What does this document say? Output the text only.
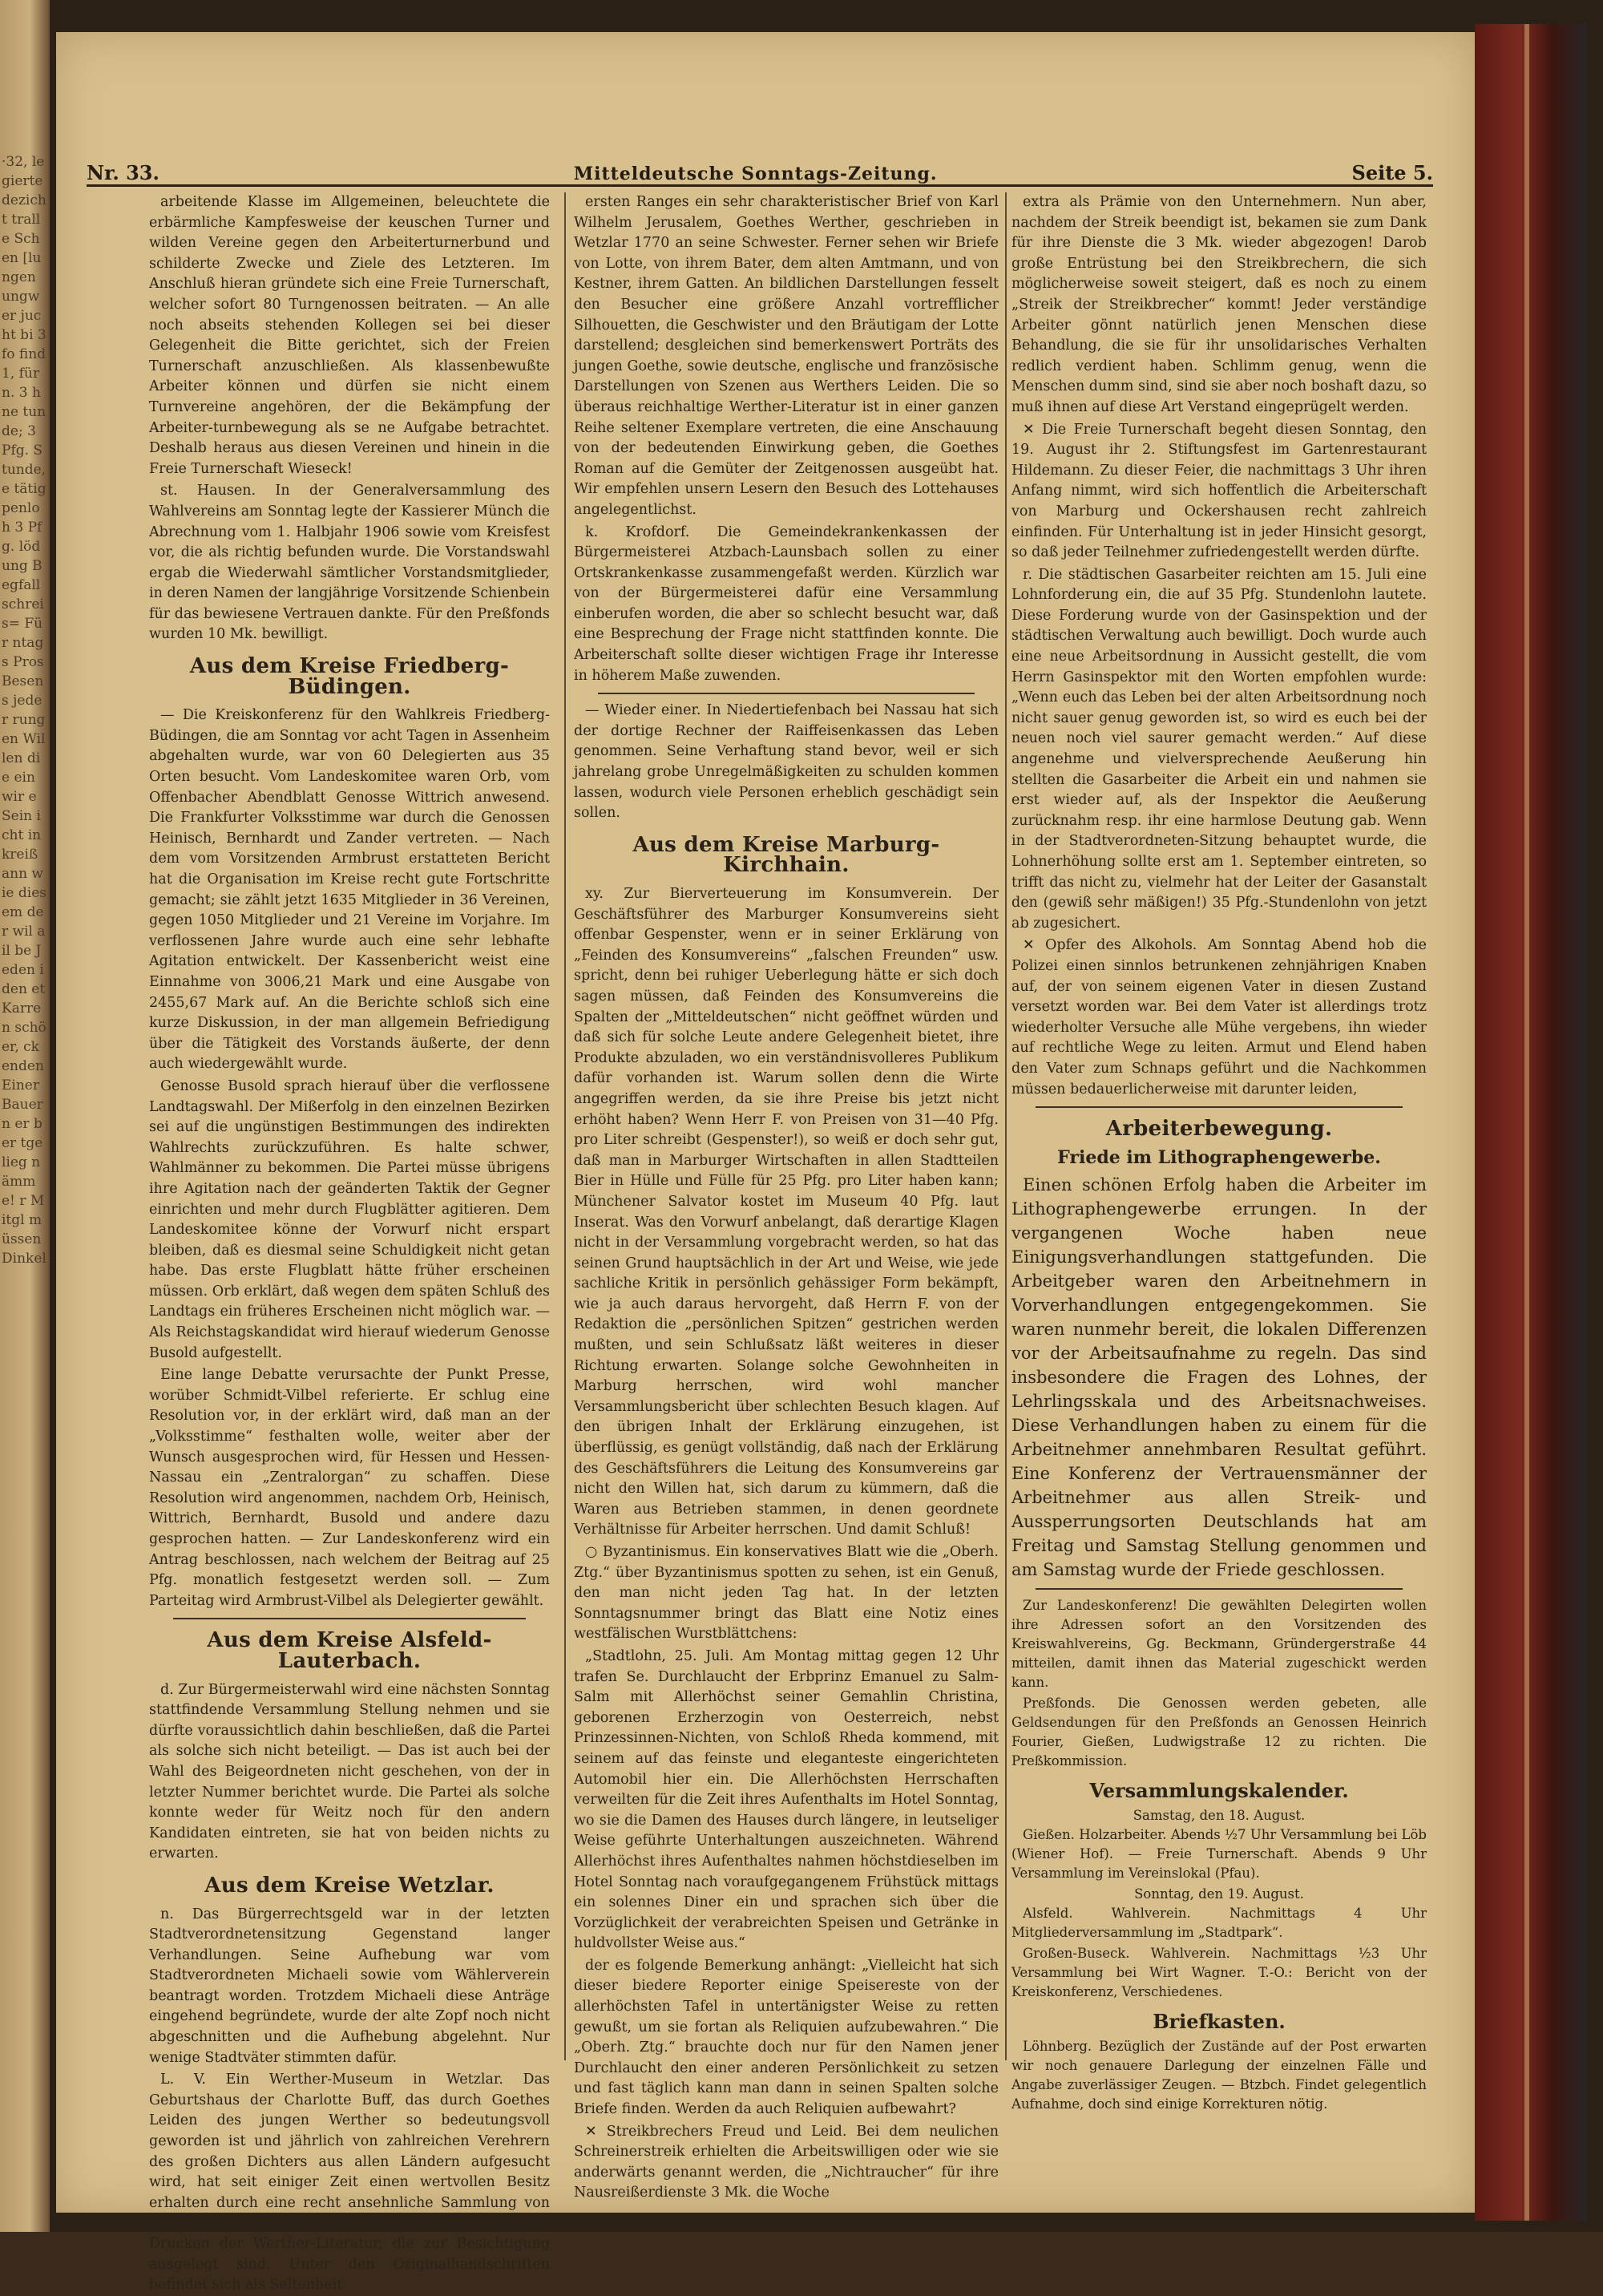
·32, legierte dezicht tralle Schen [lungen ungwer jucht bi 3 fo find 1, für n. 3 hne tunde; 3 Pfg. Stunde, e tätig penloh 3 Pfg. lödung Begfall schreis= Für ntags Pros Besens jeder rungen Willen die ein wir e Sein icht in kreiß ann wie diesem der wil ail be Jeden iden et Karren schöer, ckenden Einer Bauern er ber tgelieg nämme! r Mitgl müssen Dinkel
Nr. 33.	Mitteldeutsche Sonntags-Zeitung.	Seite 5.

arbeitende Klasse im Allgemeinen, beleuchtete die erbärmliche Kampfesweise der keuschen Turner und wilden Vereine gegen den Arbeiterturnerbund und schilderte Zwecke und Ziele des Letzteren. Im Anschluß hieran gründete sich eine Freie Turnerschaft, welcher sofort 80 Turngenossen beitraten. — An alle noch abseits stehenden Kollegen sei bei dieser Gelegenheit die Bitte gerichtet, sich der Freien Turnerschaft anzuschließen. Als klassenbewußte Arbeiter können und dürfen sie nicht einem Turnvereine angehören, der die Bekämpfung der Arbeiter-turnbewegung als se ne Aufgabe betrachtet. Deshalb heraus aus diesen Vereinen und hinein in die Freie Turnerschaft Wieseck!

st. Hausen. In der Generalversammlung des Wahlvereins am Sonntag legte der Kassierer Münch die Abrechnung vom 1. Halbjahr 1906 sowie vom Kreisfest vor, die als richtig befunden wurde. Die Vorstandswahl ergab die Wiederwahl sämtlicher Vorstandsmitglieder, in deren Namen der langjährige Vorsitzende Schienbein für das bewiesene Vertrauen dankte. Für den Preßfonds wurden 10 Mk. bewilligt.

Aus dem Kreise Friedberg-Büdingen.

— Die Kreiskonferenz für den Wahlkreis Friedberg-Büdingen, die am Sonntag vor acht Tagen in Assenheim abgehalten wurde, war von 60 Delegierten aus 35 Orten besucht. Vom Landeskomitee waren Orb, vom Offenbacher Abendblatt Genosse Wittrich anwesend. Die Frankfurter Volksstimme war durch die Genossen Heinisch, Bernhardt und Zander vertreten. — Nach dem vom Vorsitzenden Armbrust erstatteten Bericht hat die Organisation im Kreise recht gute Fortschritte gemacht; sie zählt jetzt 1635 Mitglieder in 36 Vereinen, gegen 1050 Mitglieder und 21 Vereine im Vorjahre. Im verflossenen Jahre wurde auch eine sehr lebhafte Agitation entwickelt. Der Kassenbericht weist eine Einnahme von 3006,21 Mark und eine Ausgabe von 2455,67 Mark auf. An die Berichte schloß sich eine kurze Diskussion, in der man allgemein Befriedigung über die Tätigkeit des Vorstands äußerte, der denn auch wiedergewählt wurde.

Genosse Busold sprach hierauf über die verflossene Landtagswahl. Der Mißerfolg in den einzelnen Bezirken sei auf die ungünstigen Bestimmungen des indirekten Wahlrechts zurückzuführen. Es halte schwer, Wahlmänner zu bekommen. Die Partei müsse übrigens ihre Agitation nach der geänderten Taktik der Gegner einrichten und mehr durch Flugblätter agitieren. Dem Landeskomitee könne der Vorwurf nicht erspart bleiben, daß es diesmal seine Schuldigkeit nicht getan habe. Das erste Flugblatt hätte früher erscheinen müssen. Orb erklärt, daß wegen dem späten Schluß des Landtags ein früheres Erscheinen nicht möglich war. — Als Reichstagskandidat wird hierauf wiederum Genosse Busold aufgestellt.

Eine lange Debatte verursachte der Punkt Presse, worüber Schmidt-Vilbel referierte. Er schlug eine Resolution vor, in der erklärt wird, daß man an der „Volksstimme“ festhalten wolle, weiter aber der Wunsch ausgesprochen wird, für Hessen und Hessen-Nassau ein „Zentralorgan“ zu schaffen. Diese Resolution wird angenommen, nachdem Orb, Heinisch, Wittrich, Bernhardt, Busold und andere dazu gesprochen hatten. — Zur Landeskonferenz wird ein Antrag beschlossen, nach welchem der Beitrag auf 25 Pfg. monatlich festgesetzt werden soll. — Zum Parteitag wird Armbrust-Vilbel als Delegierter gewählt.

Aus dem Kreise Alsfeld-Lauterbach.

d. Zur Bürgermeisterwahl wird eine nächsten Sonntag stattfindende Versammlung Stellung nehmen und sie dürfte voraussichtlich dahin beschließen, daß die Partei als solche sich nicht beteiligt. — Das ist auch bei der Wahl des Beigeordneten nicht geschehen, von der in letzter Nummer berichtet wurde. Die Partei als solche konnte weder für Weitz noch für den andern Kandidaten eintreten, sie hat von beiden nichts zu erwarten.

Aus dem Kreise Wetzlar.

n. Das Bürgerrechtsgeld war in der letzten Stadtverordnetensitzung Gegenstand langer Verhandlungen. Seine Aufhebung war vom Stadtverordneten Michaeli sowie vom Wählerverein beantragt worden. Trotzdem Michaeli diese Anträge eingehend begründete, wurde der alte Zopf noch nicht abgeschnitten und die Aufhebung abgelehnt. Nur wenige Stadtväter stimmten dafür.

L. V. Ein Werther-Museum in Wetzlar. Das Geburtshaus der Charlotte Buff, das durch Goethes Leiden des jungen Werther so bedeutungsvoll geworden ist und jährlich von zahlreichen Verehrern des großen Dichters aus allen Ländern aufgesucht wird, hat seit einiger Zeit einen wertvollen Besitz erhalten durch eine recht ansehnliche Sammlung von Originalbriefen, bildlichen Darstellungen und alten Drucken der Werther-Literatur, die zur Besichtigung ausgelegt sind. Unter den Originalhandschriften befindet sich als Seltenheit

ersten Ranges ein sehr charakteristischer Brief von Karl Wilhelm Jerusalem, Goethes Werther, geschrieben in Wetzlar 1770 an seine Schwester. Ferner sehen wir Briefe von Lotte, von ihrem Bater, dem alten Amtmann, und von Kestner, ihrem Gatten. An bildlichen Darstellungen fesselt den Besucher eine größere Anzahl vortrefflicher Silhouetten, die Geschwister und den Bräutigam der Lotte darstellend; desgleichen sind bemerkenswert Porträts des jungen Goethe, sowie deutsche, englische und französische Darstellungen von Szenen aus Werthers Leiden. Die so überaus reichhaltige Werther-Literatur ist in einer ganzen Reihe seltener Exemplare vertreten, die eine Anschauung von der bedeutenden Einwirkung geben, die Goethes Roman auf die Gemüter der Zeitgenossen ausgeübt hat. Wir empfehlen unsern Lesern den Besuch des Lottehauses angelegentlichst.

k. Krofdorf. Die Gemeindekrankenkassen der Bürgermeisterei Atzbach-Launsbach sollen zu einer Ortskrankenkasse zusammengefaßt werden. Kürzlich war von der Bürgermeisterei dafür eine Versammlung einberufen worden, die aber so schlecht besucht war, daß eine Besprechung der Frage nicht stattfinden konnte. Die Arbeiterschaft sollte dieser wichtigen Frage ihr Interesse in höherem Maße zuwenden.

— Wieder einer. In Niedertiefenbach bei Nassau hat sich der dortige Rechner der Raiffeisenkassen das Leben genommen. Seine Verhaftung stand bevor, weil er sich jahrelang grobe Unregelmäßigkeiten zu schulden kommen lassen, wodurch viele Personen erheblich geschädigt sein sollen.

Aus dem Kreise Marburg-Kirchhain.

xy. Zur Bierverteuerung im Konsumverein. Der Geschäftsführer des Marburger Konsumvereins sieht offenbar Gespenster, wenn er in seiner Erklärung von „Feinden des Konsumvereins“ „falschen Freunden“ usw. spricht, denn bei ruhiger Ueberlegung hätte er sich doch sagen müssen, daß Feinden des Konsumvereins die Spalten der „Mitteldeutschen“ nicht geöffnet würden und daß sich für solche Leute andere Gelegenheit bietet, ihre Produkte abzuladen, wo ein verständnisvolleres Publikum dafür vorhanden ist. Warum sollen denn die Wirte angegriffen werden, da sie ihre Preise bis jetzt nicht erhöht haben? Wenn Herr F. von Preisen von 31—40 Pfg. pro Liter schreibt (Gespenster!), so weiß er doch sehr gut, daß man in Marburger Wirtschaften in allen Stadtteilen Bier in Hülle und Fülle für 25 Pfg. pro Liter haben kann; Münchener Salvator kostet im Museum 40 Pfg. laut Inserat. Was den Vorwurf anbelangt, daß derartige Klagen nicht in der Versammlung vorgebracht werden, so hat das seinen Grund hauptsächlich in der Art und Weise, wie jede sachliche Kritik in persönlich gehässiger Form bekämpft, wie ja auch daraus hervorgeht, daß Herrn F. von der Redaktion die „persönlichen Spitzen“ gestrichen werden mußten, und sein Schlußsatz läßt weiteres in dieser Richtung erwarten. Solange solche Gewohnheiten in Marburg herrschen, wird wohl mancher Versammlungsbericht über schlechten Besuch klagen. Auf den übrigen Inhalt der Erklärung einzugehen, ist überflüssig, es genügt vollständig, daß nach der Erklärung des Geschäftsführers die Leitung des Konsumvereins gar nicht den Willen hat, sich darum zu kümmern, daß die Waren aus Betrieben stammen, in denen geordnete Verhältnisse für Arbeiter herrschen. Und damit Schluß!

○ Byzantinismus. Ein konservatives Blatt wie die „Oberh. Ztg.“ über Byzantinismus spotten zu sehen, ist ein Genuß, den man nicht jeden Tag hat. In der letzten Sonntagsnummer bringt das Blatt eine Notiz eines westfälischen Wurstblättchens:

„Stadtlohn, 25. Juli. Am Montag mittag gegen 12 Uhr trafen Se. Durchlaucht der Erbprinz Emanuel zu Salm-Salm mit Allerhöchst seiner Gemahlin Christina, geborenen Erzherzogin von Oesterreich, nebst Prinzessinnen-Nichten, von Schloß Rheda kommend, mit seinem auf das feinste und eleganteste eingerichteten Automobil hier ein. Die Allerhöchsten Herrschaften verweilten für die Zeit ihres Aufenthalts im Hotel Sonntag, wo sie die Damen des Hauses durch längere, in leutseliger Weise geführte Unterhaltungen auszeichneten. Während Allerhöchst ihres Aufenthaltes nahmen höchstdieselben im Hotel Sonntag nach voraufgegangenem Frühstück mittags ein solennes Diner ein und sprachen sich über die Vorzüglichkeit der verabreichten Speisen und Getränke in huldvollster Weise aus.“

der es folgende Bemerkung anhängt: „Vielleicht hat sich dieser biedere Reporter einige Speisereste von der allerhöchsten Tafel in untertänigster Weise zu retten gewußt, um sie fortan als Reliquien aufzubewahren.“ Die „Oberh. Ztg.“ brauchte doch nur für den Namen jener Durchlaucht den einer anderen Persönlichkeit zu setzen und fast täglich kann man dann in seinen Spalten solche Briefe finden. Werden da auch Reliquien aufbewahrt?

✕ Streikbrechers Freud und Leid. Bei dem neulichen Schreinerstreik erhielten die Arbeitswilligen oder wie sie anderwärts genannt werden, die „Nichtraucher“ für ihre Nausreißerdienste 3 Mk. die Woche

extra als Prämie von den Unternehmern. Nun aber, nachdem der Streik beendigt ist, bekamen sie zum Dank für ihre Dienste die 3 Mk. wieder abgezogen! Darob große Entrüstung bei den Streikbrechern, die sich möglicherweise soweit steigert, daß es noch zu einem „Streik der Streikbrecher“ kommt! Jeder verständige Arbeiter gönnt natürlich jenen Menschen diese Behandlung, die sie für ihr unsolidarisches Verhalten redlich verdient haben. Schlimm genug, wenn die Menschen dumm sind, sind sie aber noch boshaft dazu, so muß ihnen auf diese Art Verstand eingeprügelt werden.

✕ Die Freie Turnerschaft begeht diesen Sonntag, den 19. August ihr 2. Stiftungsfest im Gartenrestaurant Hildemann. Zu dieser Feier, die nachmittags 3 Uhr ihren Anfang nimmt, wird sich hoffentlich die Arbeiterschaft von Marburg und Ockershausen recht zahlreich einfinden. Für Unterhaltung ist in jeder Hinsicht gesorgt, so daß jeder Teilnehmer zufriedengestellt werden dürfte.

r. Die städtischen Gasarbeiter reichten am 15. Juli eine Lohnforderung ein, die auf 35 Pfg. Stundenlohn lautete. Diese Forderung wurde von der Gasinspektion und der städtischen Verwaltung auch bewilligt. Doch wurde auch eine neue Arbeitsordnung in Aussicht gestellt, die vom Herrn Gasinspektor mit den Worten empfohlen wurde: „Wenn euch das Leben bei der alten Arbeitsordnung noch nicht sauer genug geworden ist, so wird es euch bei der neuen noch viel saurer gemacht werden.“ Auf diese angenehme und vielversprechende Aeußerung hin stellten die Gasarbeiter die Arbeit ein und nahmen sie erst wieder auf, als der Inspektor die Aeußerung zurücknahm resp. ihr eine harmlose Deutung gab. Wenn in der Stadtverordneten-Sitzung behauptet wurde, die Lohnerhöhung sollte erst am 1. September eintreten, so trifft das nicht zu, vielmehr hat der Leiter der Gasanstalt den (gewiß sehr mäßigen!) 35 Pfg.-Stundenlohn von jetzt ab zugesichert.

✕ Opfer des Alkohols. Am Sonntag Abend hob die Polizei einen sinnlos betrunkenen zehnjährigen Knaben auf, der von seinem eigenen Vater in diesen Zustand versetzt worden war. Bei dem Vater ist allerdings trotz wiederholter Versuche alle Mühe vergebens, ihn wieder auf rechtliche Wege zu leiten. Armut und Elend haben den Vater zum Schnaps geführt und die Nachkommen müssen bedauerlicherweise mit darunter leiden,

Arbeiterbewegung.
Friede im Lithographengewerbe.

Einen schönen Erfolg haben die Arbeiter im Lithographengewerbe errungen. In der vergangenen Woche haben neue Einigungsverhandlungen stattgefunden. Die Arbeitgeber waren den Arbeitnehmern in Vorverhandlungen entgegengekommen. Sie waren nunmehr bereit, die lokalen Differenzen vor der Arbeitsaufnahme zu regeln. Das sind insbesondere die Fragen des Lohnes, der Lehrlingsskala und des Arbeitsnachweises. Diese Verhandlungen haben zu einem für die Arbeitnehmer annehmbaren Resultat geführt. Eine Konferenz der Vertrauensmänner der Arbeitnehmer aus allen Streik- und Aussperrungsorten Deutschlands hat am Freitag und Samstag Stellung genommen und am Samstag wurde der Friede geschlossen.

Zur Landeskonferenz! Die gewählten Delegirten wollen ihre Adressen sofort an den Vorsitzenden des Kreiswahlvereins, Gg. Beckmann, Gründergerstraße 44 mitteilen, damit ihnen das Material zugeschickt werden kann.

Preßfonds. Die Genossen werden gebeten, alle Geldsendungen für den Preßfonds an Genossen Heinrich Fourier, Gießen, Ludwigstraße 12 zu richten. Die Preßkommission.

Versammlungskalender.
Samstag, den 18. August.

Gießen. Holzarbeiter. Abends ½7 Uhr Versammlung bei Löb (Wiener Hof). — Freie Turnerschaft. Abends 9 Uhr Versammlung im Vereinslokal (Pfau).

Sonntag, den 19. August.

Alsfeld. Wahlverein. Nachmittags 4 Uhr Mitgliederversammlung im „Stadtpark“.

Großen-Buseck. Wahlverein. Nachmittags ½3 Uhr Versammlung bei Wirt Wagner. T.-O.: Bericht von der Kreiskonferenz, Verschiedenes.

Briefkasten.

Löhnberg. Bezüglich der Zustände auf der Post erwarten wir noch genauere Darlegung der einzelnen Fälle und Angabe zuverlässiger Zeugen. — Btzbch. Findet gelegentlich Aufnahme, doch sind einige Korrekturen nötig.
